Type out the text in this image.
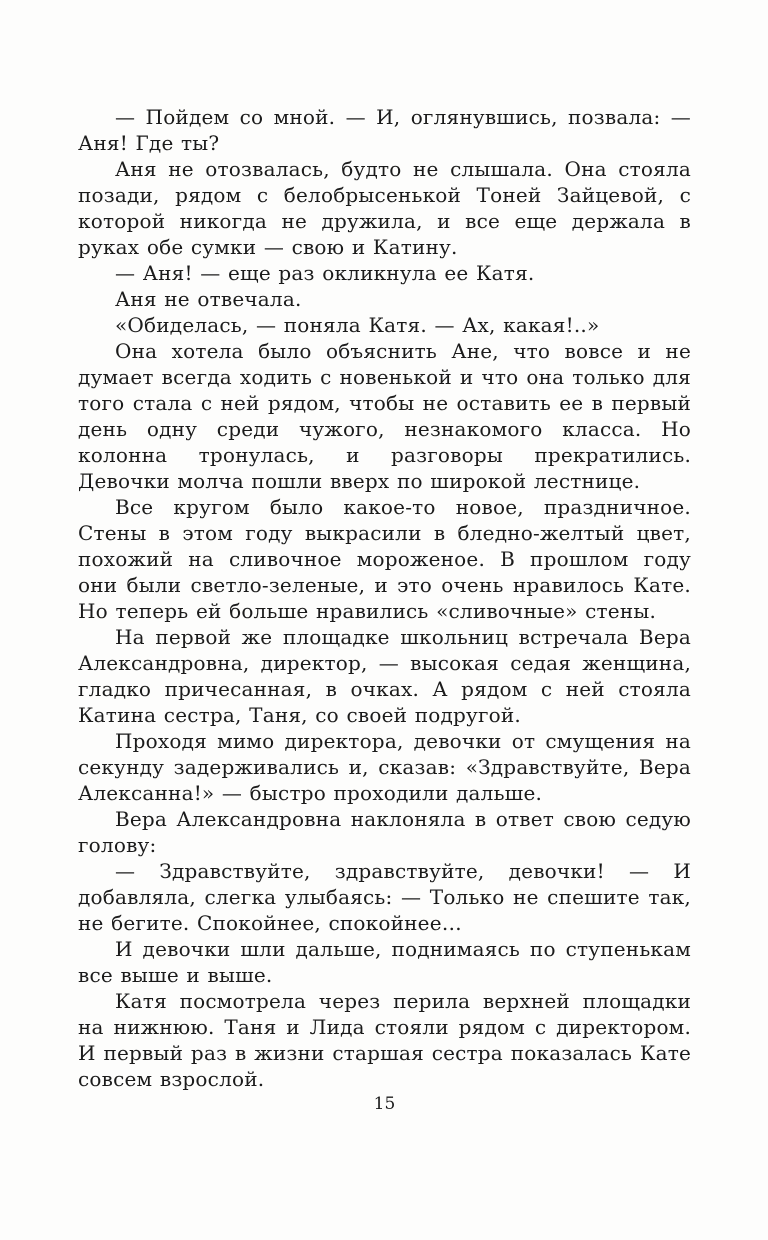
— Пойдем со мной. — И, оглянувшись, позвала: — Аня! Где ты?

Аня не отозвалась, будто не слышала. Она стояла позади, рядом с белобрысенькой Тоней Зайцевой, с которой никогда не дружила, и все еще держала в руках обе сумки — свою и Катину.

— Аня! — еще раз окликнула ее Катя.

Аня не отвечала.

«Обиделась, — поняла Катя. — Ах, какая!..»

Она хотела было объяснить Ане, что вовсе и не думает всегда ходить с новенькой и что она только для того стала с ней рядом, чтобы не оставить ее в первый день одну среди чужого, незнакомого класса. Но колонна тронулась, и разговоры прекратились. Девочки молча пошли вверх по широкой лестнице.

Все кругом было какое-то новое, праздничное. Стены в этом году выкрасили в бледно-желтый цвет, похожий на сливочное мороженое. В прошлом году они были светло-зеленые, и это очень нравилось Кате. Но теперь ей больше нравились «сливочные» стены.

На первой же площадке школьниц встречала Вера Александровна, директор, — высокая седая женщина, гладко причесанная, в очках. А рядом с ней стояла Катина сестра, Таня, со своей подругой.

Проходя мимо директора, девочки от смущения на секунду задерживались и, сказав: «Здравствуйте, Вера Алексанна!» — быстро проходили дальше.

Вера Александровна наклоняла в ответ свою седую голову:

— Здравствуйте, здравствуйте, девочки! — И добавляла, слегка улыбаясь: — Только не спешите так, не бегите. Спокойнее, спокойнее…

И девочки шли дальше, поднимаясь по ступенькам все выше и выше.

Катя посмотрела через перила верхней площадки на нижнюю. Таня и Лида стояли рядом с директором. И первый раз в жизни старшая сестра показалась Кате совсем взрослой.

15
